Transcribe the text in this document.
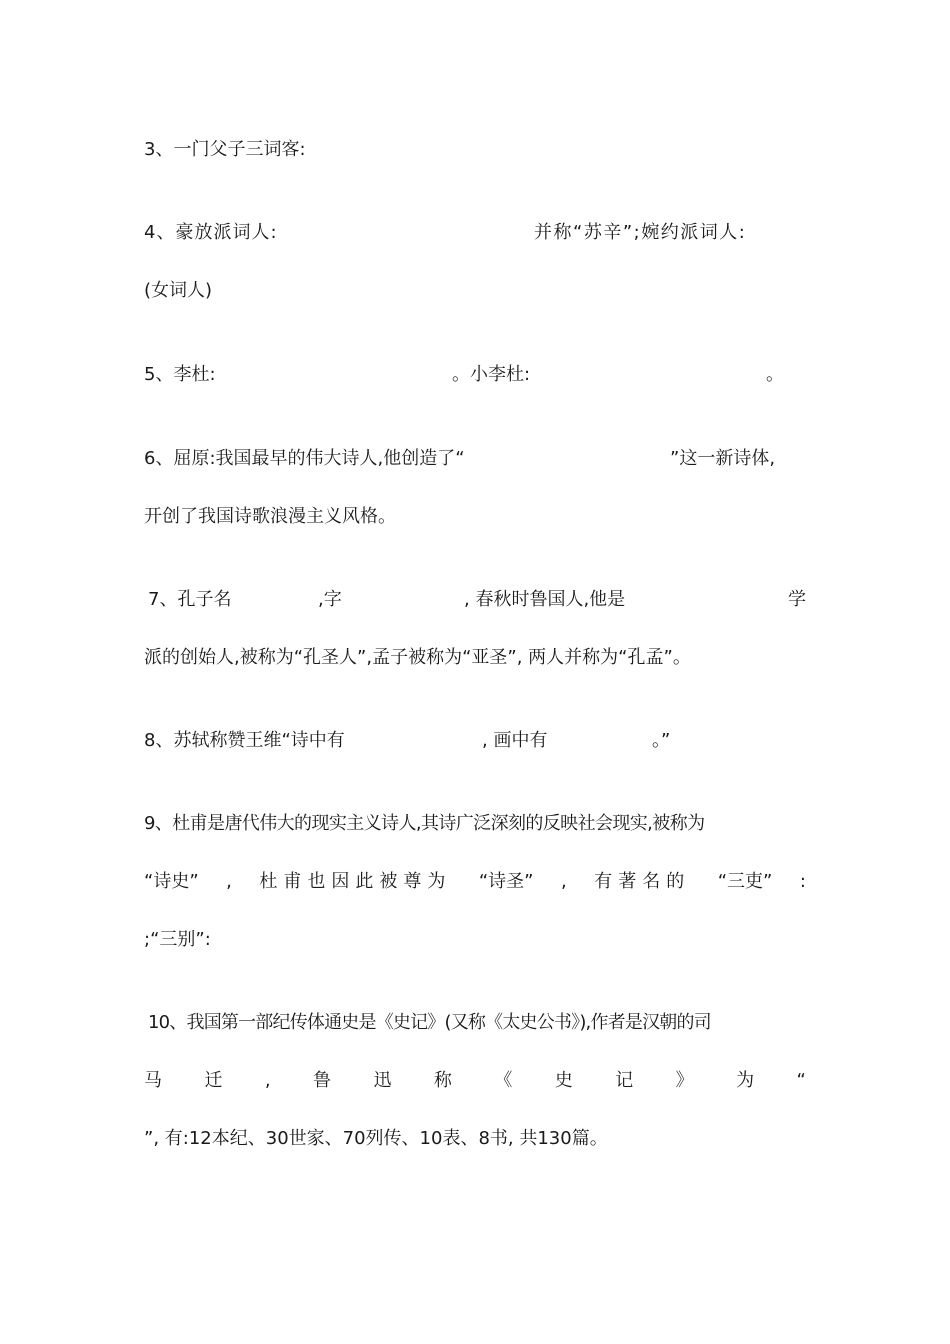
3、一门父子三词客:
4、豪放派词人:	并称“苏辛”;婉约派词人:
(女词人)
5、李杜:	。小李杜:	。
6、屈原:我国最早的伟大诗人,他创造了“	”这一新诗体,
开创了我国诗歌浪漫主义风格。
7、孔子名	,字	, 春秋时鲁国人,他是	学
派的创始人,被称为“孔圣人”,孟子被称为“亚圣”, 两人并称为“孔孟”。
8、苏轼称赞王维“诗中有	, 画中有	。”
9、杜甫是唐代伟大的现实主义诗人,其诗广泛深刻的反映社会现实,被称为
“诗史” , 杜甫也因此被尊为 “诗圣” , 有著名的 “三吏” :
;“三别”:
10、我国第一部纪传体通史是《史记》(又称《太史公书》),作者是汉朝的司
马 迁 , 鲁 迅 称 《 史 记 》 为 “
”, 有:12本纪、30世家、70列传、10表、8书, 共130篇。
